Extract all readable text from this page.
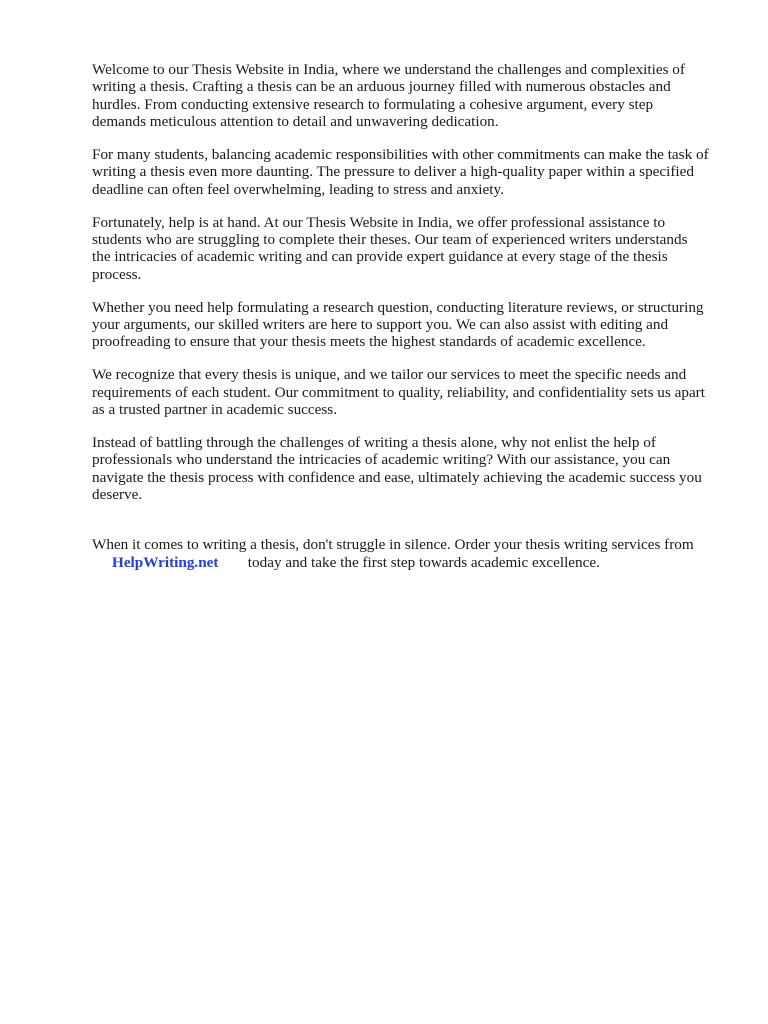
Welcome to our Thesis Website in India, where we understand the challenges and complexities of
writing a thesis. Crafting a thesis can be an arduous journey filled with numerous obstacles and
hurdles. From conducting extensive research to formulating a cohesive argument, every step
demands meticulous attention to detail and unwavering dedication.

For many students, balancing academic responsibilities with other commitments can make the task of
writing a thesis even more daunting. The pressure to deliver a high-quality paper within a specified
deadline can often feel overwhelming, leading to stress and anxiety.

Fortunately, help is at hand. At our Thesis Website in India, we offer professional assistance to
students who are struggling to complete their theses. Our team of experienced writers understands
the intricacies of academic writing and can provide expert guidance at every stage of the thesis
process.

Whether you need help formulating a research question, conducting literature reviews, or structuring
your arguments, our skilled writers are here to support you. We can also assist with editing and
proofreading to ensure that your thesis meets the highest standards of academic excellence.

We recognize that every thesis is unique, and we tailor our services to meet the specific needs and
requirements of each student. Our commitment to quality, reliability, and confidentiality sets us apart
as a trusted partner in academic success.

Instead of battling through the challenges of writing a thesis alone, why not enlist the help of
professionals who understand the intricacies of academic writing? With our assistance, you can
navigate the thesis process with confidence and ease, ultimately achieving the academic success you
deserve.

When it comes to writing a thesis, don't struggle in silence. Order your thesis writing services from

HelpWriting.net today and take the first step towards academic excellence.
